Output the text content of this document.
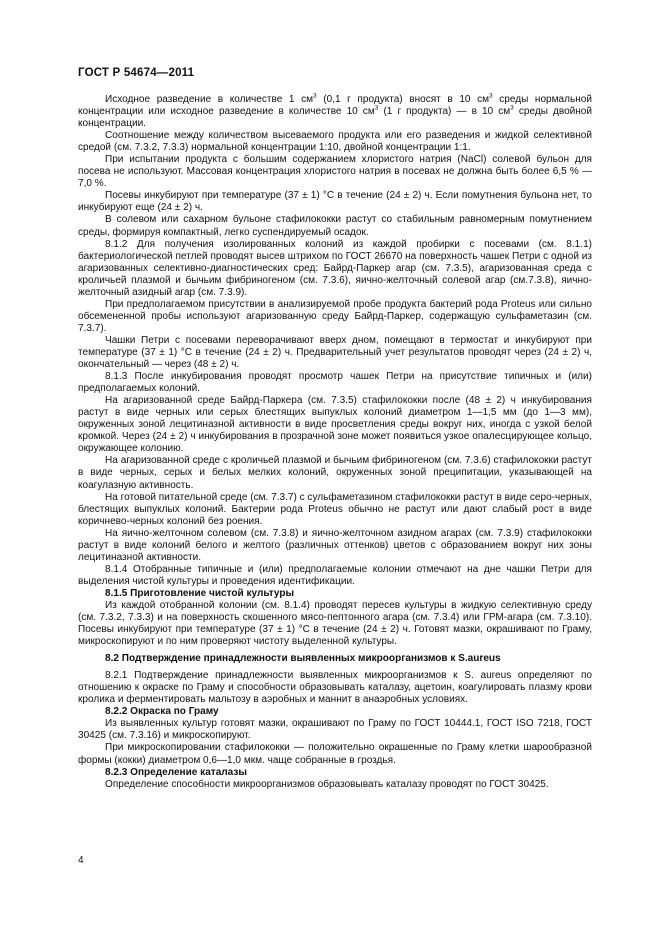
ГОСТ Р 54674—2011

Исходное разведение в количестве 1 $см^3$ (0,1 г продукта) вносят в 10 $см^3$ среды нормальной концентрации или исходное разведение в количестве 10 $см^3$ (1 г продукта) — в 10 $см^3$ среды двойной концентрации.

Соотношение между количеством высеваемого продукта или его разведения и жидкой селективной средой (см. 7.3.2, 7.3.3) нормальной концентрации 1:10, двойной концентрации 1:1.

При испытании продукта с большим содержанием хлористого натрия (NaCl) солевой бульон для посева не используют. Массовая концентрация хлористого натрия в посевах не должна быть более 6,5 % — 7,0 %.

Посевы инкубируют при температуре (37 ± 1) °С в течение (24 ± 2) ч. Если помутнения бульона нет, то инкубируют еще (24 ± 2) ч.

В солевом или сахарном бульоне стафилококки растут со стабильным равномерным помутнением среды, формируя компактный, легко суспендируемый осадок.

8.1.2 Для получения изолированных колоний из каждой пробирки с посевами (см. 8.1.1) бактериологической петлей проводят высев штрихом по ГОСТ 26670 на поверхность чашек Петри с одной из агаризованных селективно-диагностических сред: Байрд-Паркер агар (см. 7.3.5), агаризованная среда с кроличьей плазмой и бычьим фибриногеном (см. 7.3.6), яично-желточный солевой агар (см.7.3.8), яично-желточный азидный агар (см. 7.3.9).

При предполагаемом присутствии в анализируемой пробе продукта бактерий рода Proteus или сильно обсемененной пробы используют агаризованную среду Байрд-Паркер, содержащую сульфаметазин (см. 7.3.7).

Чашки Петри с посевами переворачивают вверх дном, помещают в термостат и инкубируют при температуре (37 ± 1) °С в течение (24 ± 2) ч. Предварительный учет результатов проводят через (24 ± 2) ч, окончательный — через (48 ± 2) ч.

8.1.3 После инкубирования проводят просмотр чашек Петри на присутствие типичных и (или) предполагаемых колоний.

На агаризованной среде Байрд-Паркера (см. 7.3.5) стафилококки после (48 ± 2) ч инкубирования растут в виде черных или серых блестящих выпуклых колоний диаметром 1—1,5 мм (до 1—3 мм), окруженных зоной лецитиназной активности в виде просветления среды вокруг них, иногда с узкой белой кромкой. Через (24 ± 2) ч инкубирования в прозрачной зоне может появиться узкое опалесцирующее кольцо, окружающее колонию.

На агаризованной среде с кроличьей плазмой и бычьим фибриногеном (см. 7.3.6) стафилококки растут в виде черных, серых и белых мелких колоний, окруженных зоной преципитации, указывающей на коагулазную активность.

На готовой питательной среде (см. 7.3.7) с сульфаметазином стафилококки растут в виде серо-черных, блестящих выпуклых колоний. Бактерии рода Proteus обычно не растут или дают слабый рост в виде коричнево-черных колоний без роения.

На яично-желточном солевом (см. 7.3.8) и яично-желточном азидном агарах (см. 7.3.9) стафилококки растут в виде колоний белого и желтого (различных оттенков) цветов с образованием вокруг них зоны лецитиназной активности.

8.1.4 Отобранные типичные и (или) предполагаемые колонии отмечают на дне чашки Петри для выделения чистой культуры и проведения идентификации.

8.1.5 Приготовление чистой культуры

Из каждой отобранной колонии (см. 8.1.4) проводят пересев культуры в жидкую селективную среду (см. 7.3.2, 7.3.3) и на поверхность скошенного мясо-пептонного агара (см. 7.3.4) или ГРМ-агара (см. 7.3.10). Посевы инкубируют при температуре (37 ± 1) °С в течение (24 ± 2) ч. Готовят мазки, окрашивают по Граму, микроскопируют и по ним проверяют чистоту выделенной культуры.

8.2 Подтверждение принадлежности выявленных микроорганизмов к S.aureus

8.2.1 Подтверждение принадлежности выявленных микроорганизмов к S. aureus определяют по отношению к окраске по Граму и способности образовывать каталазу, ацетоин, коагулировать плазму крови кролика и ферментировать мальтозу в аэробных и маннит в анаэробных условиях.

8.2.2 Окраска по Граму

Из выявленных культур готовят мазки, окрашивают по Граму по ГОСТ 10444.1, ГОСТ ISO 7218, ГОСТ 30425 (см. 7.3.16) и микроскопируют.

При микроскопировании стафилококки — положительно окрашенные по Граму клетки шарообразной формы (кокки) диаметром 0,6—1,0 мкм. чаще собранные в гроздья.

8.2.3 Определение каталазы

Определение способности микроорганизмов образовывать каталазу проводят по ГОСТ 30425.

4
